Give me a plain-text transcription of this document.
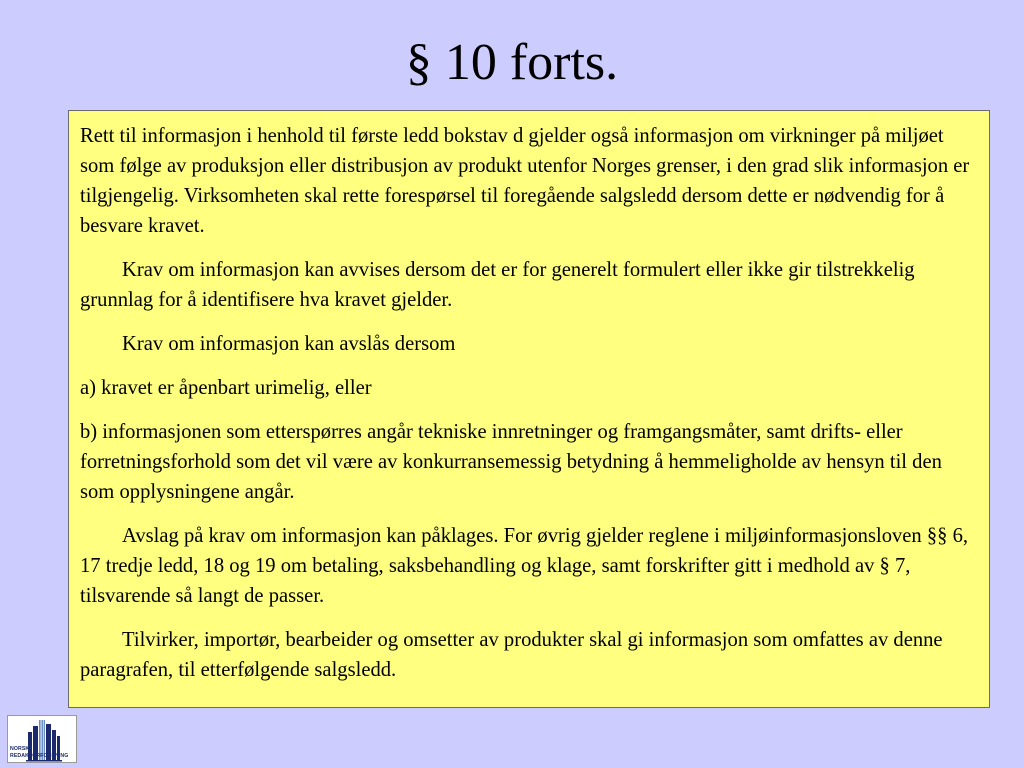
§ 10 forts.

Rett til informasjon i henhold til første ledd bokstav d gjelder også informasjon om virkninger på miljøet som følge av produksjon eller distribusjon av produkt utenfor Norges grenser, i den grad slik informasjon er tilgjengelig. Virksomheten skal rette forespørsel til foregående salgsledd dersom dette er nødvendig for å besvare kravet.

Krav om informasjon kan avvises dersom det er for generelt formulert eller ikke gir tilstrekkelig grunnlag for å identifisere hva kravet gjelder.

Krav om informasjon kan avslås dersom

a) kravet er åpenbart urimelig, eller

b) informasjonen som etterspørres angår tekniske innretninger og framgangsmåter, samt drifts- eller forretningsforhold som det vil være av konkurransemessig betydning å hemmeligholde av hensyn til den som opplysningene angår.

Avslag på krav om informasjon kan påklages. For øvrig gjelder reglene i miljøinformasjonsloven §§ 6, 17 tredje ledd, 18 og 19 om betaling, saksbehandling og klage, samt forskrifter gitt i medhold av § 7, tilsvarende så langt de passer.

Tilvirker, importør, bearbeider og omsetter av produkter skal gi informasjon som omfattes av denne paragrafen, til etterfølgende salgsledd.

NORSK
REDAKTØRFORENING
